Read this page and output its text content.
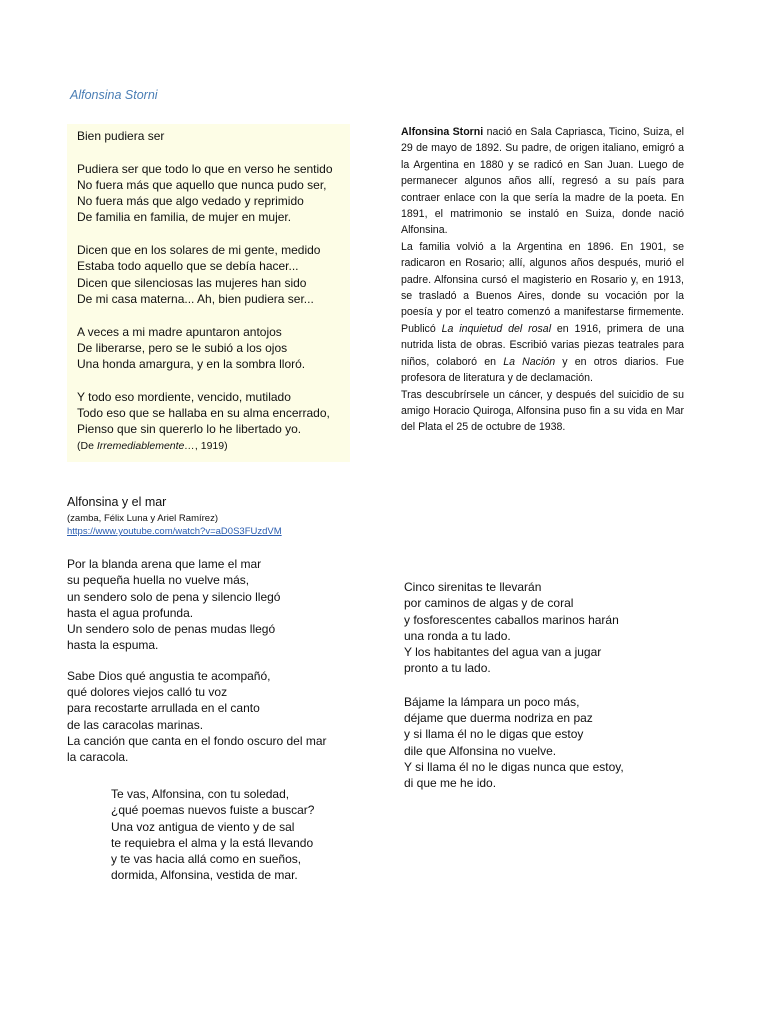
Alfonsina Storni
Bien pudiera ser
Pudiera ser que todo lo que en verso he sentido
No fuera más que aquello que nunca pudo ser,
No fuera más que algo vedado y reprimido
De familia en familia, de mujer en mujer.
Dicen que en los solares de mi gente, medido
Estaba todo aquello que se debía hacer...
Dicen que silenciosas las mujeres han sido
De mi casa materna... Ah, bien pudiera ser...
A veces a mi madre apuntaron antojos
De liberarse, pero se le subió a los ojos
Una honda amargura, y en la sombra lloró.
Y todo eso mordiente, vencido, mutilado
Todo eso que se hallaba en su alma encerrado,
Pienso que sin quererlo lo he libertado yo.
(De Irremediablemente…, 1919)

Alfonsina Storni nació en Sala Capriasca, Ticino, Suiza, el 29 de mayo de 1892. Su padre, de origen italiano, emigró a la Argentina en 1880 y se radicó en San Juan. Luego de permanecer algunos años allí, regresó a su país para contraer enlace con la que sería la madre de la poeta. En 1891, el matrimonio se instaló en Suiza, donde nació Alfonsina.

La familia volvió a la Argentina en 1896. En 1901, se radicaron en Rosario; allí, algunos años después, murió el padre. Alfonsina cursó el magisterio en Rosario y, en 1913, se trasladó a Buenos Aires, donde su vocación por la poesía y por el teatro comenzó a manifestarse firmemente. Publicó La inquietud del rosal en 1916, primera de una nutrida lista de obras. Escribió varias piezas teatrales para niños, colaboró en La Nación y en otros diarios. Fue profesora de literatura y de declamación.

Tras descubrírsele un cáncer, y después del suicidio de su amigo Horacio Quiroga, Alfonsina puso fin a su vida en Mar del Plata el 25 de octubre de 1938.

Alfonsina y el mar
(zamba, Félix Luna y Ariel Ramírez)
https://www.youtube.com/watch?v=aD0S3FUzdVM
Por la blanda arena que lame el mar
su pequeña huella no vuelve más,
un sendero solo de pena y silencio llegó
hasta el agua profunda.
Un sendero solo de penas mudas llegó
hasta la espuma.
Sabe Dios qué angustia te acompañó,
qué dolores viejos calló tu voz
para recostarte arrullada en el canto
de las caracolas marinas.
La canción que canta en el fondo oscuro del mar
la caracola.
Te vas, Alfonsina, con tu soledad,
¿qué poemas nuevos fuiste a buscar?
Una voz antigua de viento y de sal
te requiebra el alma y la está llevando
y te vas hacia allá como en sueños,
dormida, Alfonsina, vestida de mar.
Cinco sirenitas te llevarán
por caminos de algas y de coral
y fosforescentes caballos marinos harán
una ronda a tu lado.
Y los habitantes del agua van a jugar
pronto a tu lado.
Bájame la lámpara un poco más,
déjame que duerma nodriza en paz
y si llama él no le digas que estoy
dile que Alfonsina no vuelve.
Y si llama él no le digas nunca que estoy,
di que me he ido.
